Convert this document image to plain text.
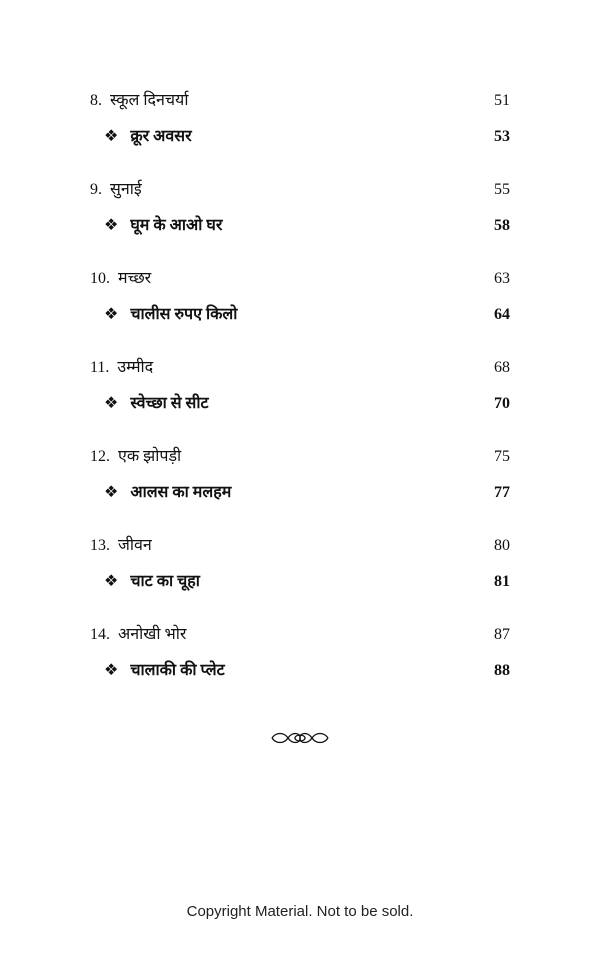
8. स्कूल दिनचर्या	51
❖ क्रूर अवसर	53
9. सुनाई	55
❖ घूम के आओ घर	58
10. मच्छर	63
❖ चालीस रुपए किलो	64
11. उम्मीद	68
❖ स्वेच्छा से सीट	70
12. एक झोपड़ी	75
❖ आलस का मलहम	77
13. जीवन	80
❖ चाट का चूहा	81
14. अनोखी भोर	87
❖ चालाकी की प्लेट	88
Copyright Material. Not to be sold.
